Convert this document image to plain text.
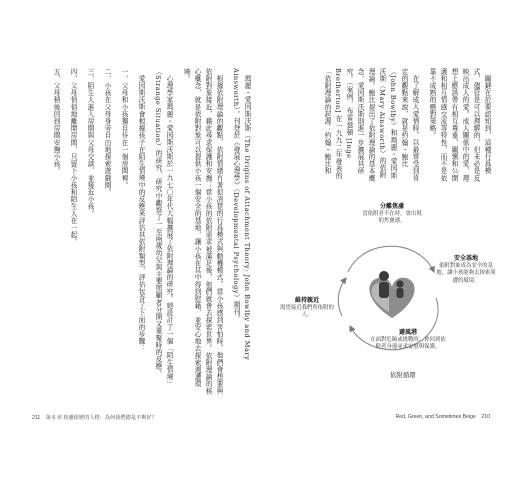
瑪麗・愛因斯沃斯（The Origins of Attachment Theory: John Bowlby and Mary Ainsworth）。刊登於《發展心理學》（Developmental Psychology）期刊。

根據依附理論的觀點，依附情緒有著很清楚的行爲模式與動機模式。當小孩感到害怕時，他們會想要與依附對象接近，藉此尋求保護和安撫；當小孩的依附需求被滿足後，他們就會去探索世界。依附理論的核心概念，就是依附對象可以提供小孩一個安全的基地，讓小孩在其中得到慰藉，並安心地去探索週遭環境。

心理學家瑪麗・愛因斯沃斯於一九七〇年代大幅擴展了依附理論的研究。她設計了一個「陌生情境」（Strange Situation）的研究，研究中觀察了一至兩歲幼兒與主要照顧者分開又重聚時的反應。

愛因斯沃斯會根據孩子在陌生情境中的反應來評估其依附類型，評估包含了下面的步驟：

一、父母和小孩獨自待在一個房間裡。

二、小孩在父母身旁自由地探索遊戲間。

三、陌生人進入房間與父母交談，並接近小孩。

四、父母悄悄地離開房間，只留下小孩和陌生人在一起。

五、父母稍後回到房間安撫小孩。

211 第 6 章 焦慮依戀的人格：為何我們總是不夠好？

關鍵在於要認知到，這種行爲模式，儘管是可以理解的，但未必是反映出成人的愛。成人關係中的愛，理想上應該帶有相互尊重、關懷和公開適和相互情感交流等特性，而不是依靠不成熟的應對策略。

在了解成人愛情時，以最常受到肯定的觀點來說，就是約翰・鮑比（John Bowlby）和瑪麗・愛因斯沃斯（Mary Ainsworth）的依附理論。鮑比提出了依附理論的基本概念，愛因斯沃斯則進一步擴展其研究。（案例，布雷瑟頓 [Inge Bretherton] 在一九九二年發表的「依附理論的起源：約翰・鮑比和

分離焦慮
當依附者不在時，會出現的焦慮感。
安全基地
依附對象成為安全的基地，讓小孩能夠去探索周遭的環境。
避風港
在面對危險或挑戰時，會回到依附者身邊尋求安慰與保護。
維持親近
渴望接近我們所依附的人。
依附循環
Red, Green, and Sometimes Beige 210
